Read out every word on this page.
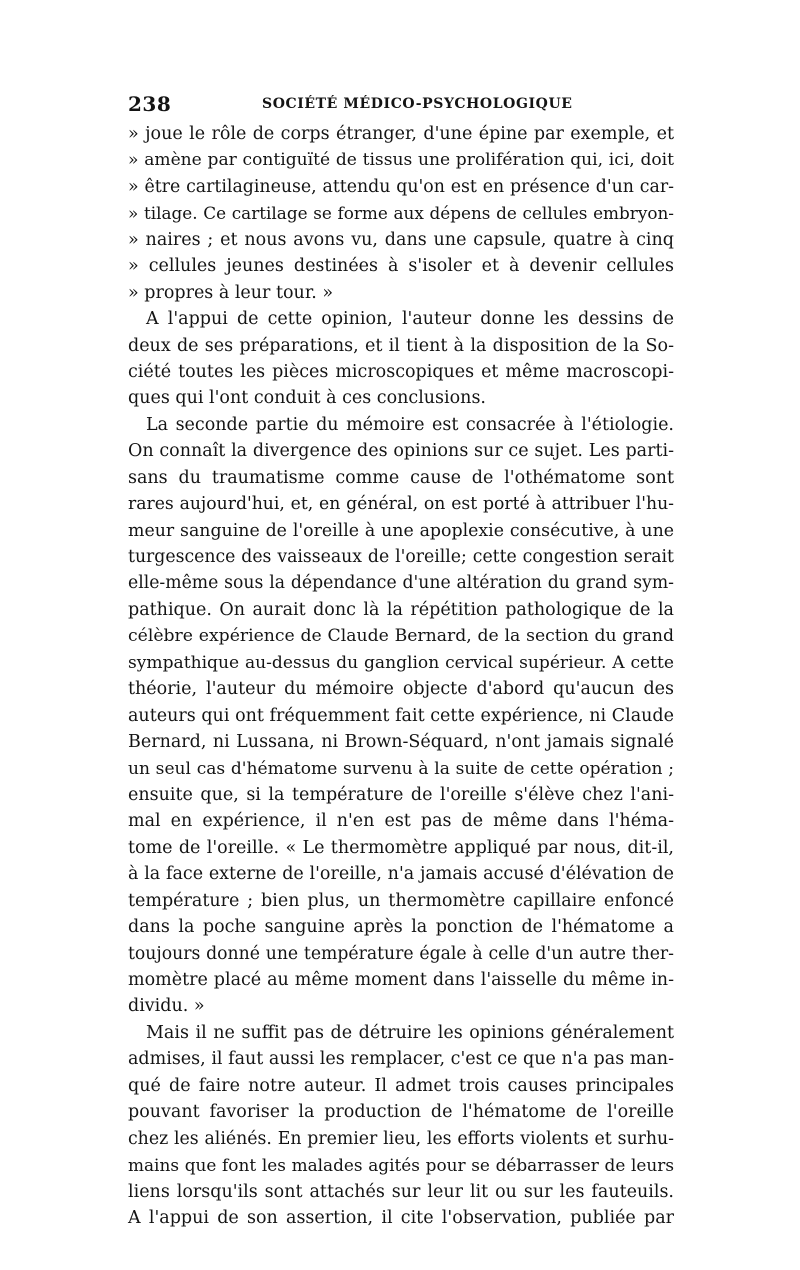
238	SOCIÉTÉ MÉDICO-PSYCHOLOGIQUE
» joue le rôle de corps étranger, d'une épine par exemple, et
» amène par contiguïté de tissus une prolifération qui, ici, doit
» être cartilagineuse, attendu qu'on est en présence d'un car-
» tilage. Ce cartilage se forme aux dépens de cellules embryon-
» naires ; et nous avons vu, dans une capsule, quatre à cinq
» cellules jeunes destinées à s'isoler et à devenir cellules
» propres à leur tour. »
A l'appui de cette opinion, l'auteur donne les dessins de
deux de ses préparations, et il tient à la disposition de la So-
ciété toutes les pièces microscopiques et même macroscopi-
ques qui l'ont conduit à ces conclusions.
La seconde partie du mémoire est consacrée à l'étiologie.
On connaît la divergence des opinions sur ce sujet. Les parti-
sans du traumatisme comme cause de l'othématome sont
rares aujourd'hui, et, en général, on est porté à attribuer l'hu-
meur sanguine de l'oreille à une apoplexie consécutive, à une
turgescence des vaisseaux de l'oreille; cette congestion serait
elle-même sous la dépendance d'une altération du grand sym-
pathique. On aurait donc là la répétition pathologique de la
célèbre expérience de Claude Bernard, de la section du grand
sympathique au-dessus du ganglion cervical supérieur. A cette
théorie, l'auteur du mémoire objecte d'abord qu'aucun des
auteurs qui ont fréquemment fait cette expérience, ni Claude
Bernard, ni Lussana, ni Brown-Séquard, n'ont jamais signalé
un seul cas d'hématome survenu à la suite de cette opération ;
ensuite que, si la température de l'oreille s'élève chez l'ani-
mal en expérience, il n'en est pas de même dans l'héma-
tome de l'oreille. « Le thermomètre appliqué par nous, dit-il,
à la face externe de l'oreille, n'a jamais accusé d'élévation de
température ; bien plus, un thermomètre capillaire enfoncé
dans la poche sanguine après la ponction de l'hématome a
toujours donné une température égale à celle d'un autre ther-
momètre placé au même moment dans l'aisselle du même in-
dividu. »
Mais il ne suffit pas de détruire les opinions généralement
admises, il faut aussi les remplacer, c'est ce que n'a pas man-
qué de faire notre auteur. Il admet trois causes principales
pouvant favoriser la production de l'hématome de l'oreille
chez les aliénés. En premier lieu, les efforts violents et surhu-
mains que font les malades agités pour se débarrasser de leurs
liens lorsqu'ils sont attachés sur leur lit ou sur les fauteuils.
A l'appui de son assertion, il cite l'observation, publiée par
